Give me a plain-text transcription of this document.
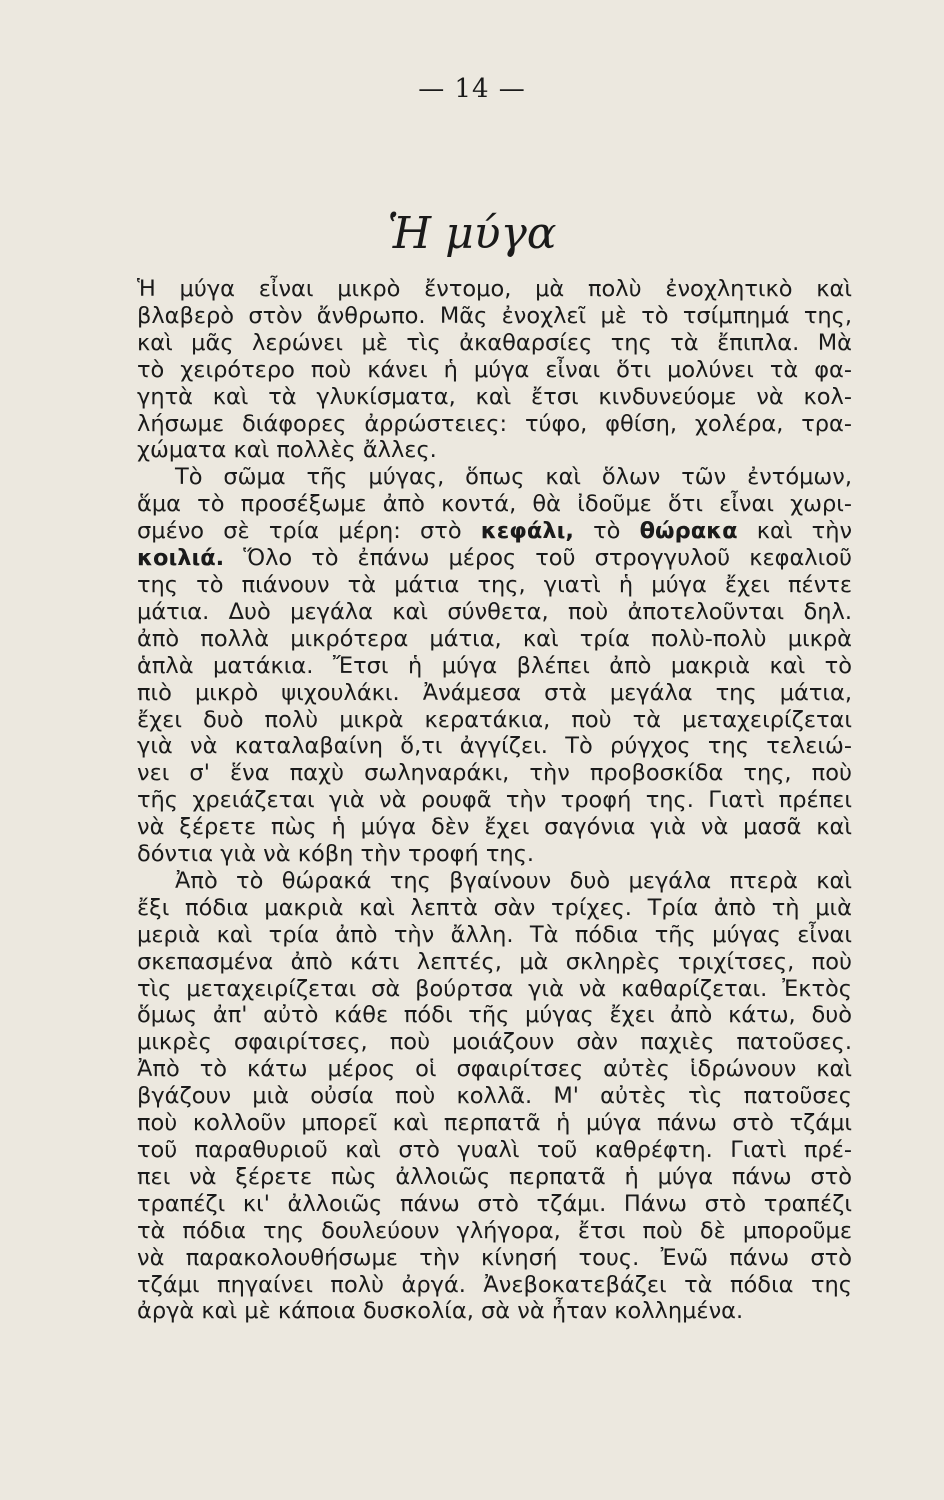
— 14 —
Ἡ μύγα
Ἡ μύγα εἶναι μικρὸ ἔντομο, μὰ πολὺ ἐνοχλητικὸ καὶ
βλαβερὸ στὸν ἄνθρωπο. Μᾶς ἐνοχλεῖ μὲ τὸ τσίμπημά της,
καὶ μᾶς λερώνει μὲ τὶς ἀκαθαρσίες της τὰ ἔπιπλα. Μὰ
τὸ χειρότερο ποὺ κάνει ἡ μύγα εἶναι ὅτι μολύνει τὰ φα-
γητὰ καὶ τὰ γλυκίσματα, καὶ ἔτσι κινδυνεύομε νὰ κολ-
λήσωμε διάφορες ἀρρώστειες: τύφο, φθίση, χολέρα, τρα-
χώματα καὶ πολλὲς ἄλλες.
Τὸ σῶμα τῆς μύγας, ὅπως καὶ ὅλων τῶν ἐντόμων,
ἅμα τὸ προσέξωμε ἀπὸ κοντά, θὰ ἰδοῦμε ὅτι εἶναι χωρι-
σμένο σὲ τρία μέρη: στὸ κεφάλι, τὸ θώρακα καὶ τὴν
κοιλιά. Ὅλο τὸ ἐπάνω μέρος τοῦ στρογγυλοῦ κεφαλιοῦ
της τὸ πιάνουν τὰ μάτια της, γιατὶ ἡ μύγα ἔχει πέντε
μάτια. Δυὸ μεγάλα καὶ σύνθετα, ποὺ ἀποτελοῦνται δηλ.
ἀπὸ πολλὰ μικρότερα μάτια, καὶ τρία πολὺ-πολὺ μικρὰ
ἁπλὰ ματάκια. Ἔτσι ἡ μύγα βλέπει ἀπὸ μακριὰ καὶ τὸ
πιὸ μικρὸ ψιχουλάκι. Ἀνάμεσα στὰ μεγάλα της μάτια,
ἔχει δυὸ πολὺ μικρὰ κερατάκια, ποὺ τὰ μεταχειρίζεται
γιὰ νὰ καταλαβαίνη ὅ,τι ἀγγίζει. Τὸ ρύγχος της τελειώ-
νει σ' ἕνα παχὺ σωληναράκι, τὴν προβοσκίδα της, ποὺ
τῆς χρειάζεται γιὰ νὰ ρουφᾶ τὴν τροφή της. Γιατὶ πρέπει
νὰ ξέρετε πὼς ἡ μύγα δὲν ἔχει σαγόνια γιὰ νὰ μασᾶ καὶ
δόντια γιὰ νὰ κόβη τὴν τροφή της.
Ἀπὸ τὸ θώρακά της βγαίνουν δυὸ μεγάλα πτερὰ καὶ
ἔξι πόδια μακριὰ καὶ λεπτὰ σὰν τρίχες. Τρία ἀπὸ τὴ μιὰ
μεριὰ καὶ τρία ἀπὸ τὴν ἄλλη. Τὰ πόδια τῆς μύγας εἶναι
σκεπασμένα ἀπὸ κάτι λεπτές, μὰ σκληρὲς τριχίτσες, ποὺ
τὶς μεταχειρίζεται σὰ βούρτσα γιὰ νὰ καθαρίζεται. Ἐκτὸς
ὅμως ἀπ' αὐτὸ κάθε πόδι τῆς μύγας ἔχει ἀπὸ κάτω, δυὸ
μικρὲς σφαιρίτσες, ποὺ μοιάζουν σὰν παχιὲς πατοῦσες.
Ἀπὸ τὸ κάτω μέρος οἱ σφαιρίτσες αὐτὲς ἱδρώνουν καὶ
βγάζουν μιὰ οὐσία ποὺ κολλᾶ. Μ' αὐτὲς τὶς πατοῦσες
ποὺ κολλοῦν μπορεῖ καὶ περπατᾶ ἡ μύγα πάνω στὸ τζάμι
τοῦ παραθυριοῦ καὶ στὸ γυαλὶ τοῦ καθρέφτη. Γιατὶ πρέ-
πει νὰ ξέρετε πὼς ἀλλοιῶς περπατᾶ ἡ μύγα πάνω στὸ
τραπέζι κι' ἀλλοιῶς πάνω στὸ τζάμι. Πάνω στὸ τραπέζι
τὰ πόδια της δουλεύουν γλήγορα, ἔτσι ποὺ δὲ μποροῦμε
νὰ παρακολουθήσωμε τὴν κίνησή τους. Ἐνῶ πάνω στὸ
τζάμι πηγαίνει πολὺ ἀργά. Ἀνεβοκατεβάζει τὰ πόδια της
ἀργὰ καὶ μὲ κάποια δυσκολία, σὰ νὰ ἦταν κολλημένα.
